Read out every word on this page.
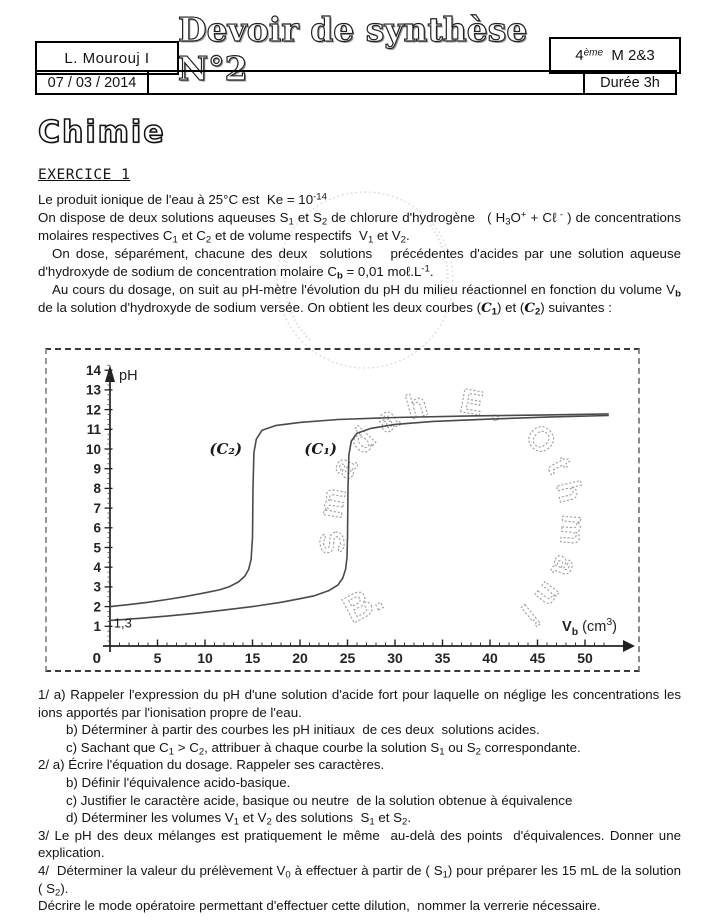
L. Mourouj I
Devoir de synthèse N°2	4ème  M 2&3
07 / 03 / 2014	Durée 3h
Chimie
EXERCICE 1

Le produit ionique de l'eau à 25°C est  $Ke = 10^{-14}$

On dispose de deux solutions aqueuses $S_1$ et $S_2$ de chlorure d'hydrogène   ( $H_3O^+$ + Cℓ - ) de concentrations molaires respectives $C_1$ et $C_2$ et de volume respectifs  $V_1$ et $V_2$.

On dose, séparément, chacune des deux  solutions   précédentes d'acides par une solution aqueuse d'hydroxyde de sodium de concentration molaire $C_b = 0,01$ $mo\ell.L^{-1}$.

Au cours du dosage, on suit au pH-mètre l'évolution du pH du milieu réactionnel en fonction du volume $V_b$ de la solution d'hydroxyde de sodium versée. On obtient les deux courbes $(C_1)$ et $(C_2)$ suivantes :

Smadah E. Othmani
B.
5	10 15 20 25 30 35 40 45 50
1
2
3
4
5
6
7
8
9
10
11
12
13
14
0
pH
$V_b$ $(cm^3)$
(C₂)	(C₁)
1,3

1/ a) Rappeler l'expression du pH d'une solution d'acide fort pour laquelle on néglige les concentrations les ions apportés par l'ionisation propre de l'eau.

b) Déterminer à partir des courbes les pH initiaux  de ces deux  solutions acides.

c) Sachant que $C_1 > C_2$, attribuer à chaque courbe la solution $S_1$ ou $S_2$ correspondante.

2/ a) Écrire l'équation du dosage. Rappeler ses caractères.

b) Définir l'équivalence acido-basique.

c) Justifier le caractère acide, basique ou neutre  de la solution obtenue à équivalence

d) Déterminer les volumes $V_1$ et $V_2$ des solutions  $S_1$ et $S_2$.

3/ Le pH des deux mélanges est pratiquement le même  au-delà des points  d'équivalences. Donner une explication.

4/  Déterminer la valeur du prélèvement $V_0$ à effectuer à partir de ( $S_1$) pour préparer les 15 mL de la solution ( $S_2$).

Décrire le mode opératoire permettant d'effectuer cette dilution,  nommer la verrerie nécessaire.
